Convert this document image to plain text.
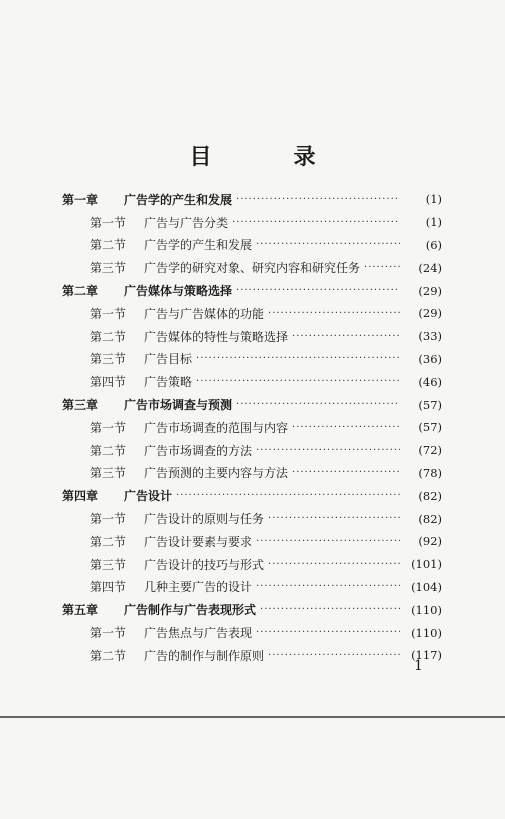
目　录
第一章	广告学的产生和发展 ·····	(1)
第一节	广告与广告分类 ·····	(1)
第二节	广告学的产生和发展 ·····	(6)
第三节	广告学的研究对象、研究内容和研究任务 ·····	(24)
第二章	广告媒体与策略选择 ·····	(29)
第一节	广告与广告媒体的功能 ·····	(29)
第二节	广告媒体的特性与策略选择 ·····	(33)
第三节	广告目标 ·····	(36)
第四节	广告策略 ·····	(46)
第三章	广告市场调查与预测 ·····	(57)
第一节	广告市场调查的范围与内容 ·····	(57)
第二节	广告市场调查的方法 ·····	(72)
第三节	广告预测的主要内容与方法 ·····	(78)
第四章	广告设计 ·····	(82)
第一节	广告设计的原则与任务 ·····	(82)
第二节	广告设计要素与要求 ·····	(92)
第三节	广告设计的技巧与形式 ·····	(101)
第四节	几种主要广告的设计 ·····	(104)
第五章	广告制作与广告表现形式 ·····	(110)
第一节	广告焦点与广告表现 ·····	(110)
第二节	广告的制作与制作原则 ·····	(117)
1
